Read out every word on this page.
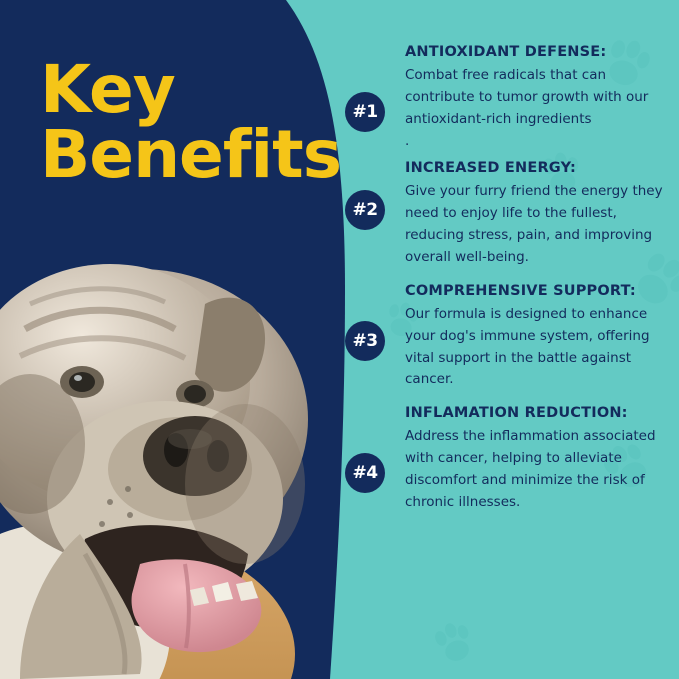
Key
Benefits
#1
ANTIOXIDANT DEFENSE:
Combat free radicals that can contribute to tumor growth with our antioxidant-rich ingredients .
#2
INCREASED ENERGY:
Give your furry friend the energy they need to enjoy life to the fullest, reducing stress, pain, and improving overall well-being.
#3
COMPREHENSIVE SUPPORT:
Our formula is designed to enhance your dog's immune system, offering vital support in the battle against cancer.
#4
INFLAMATION REDUCTION:
Address the inflammation associated with cancer, helping to alleviate discomfort and minimize the risk of chronic illnesses.
